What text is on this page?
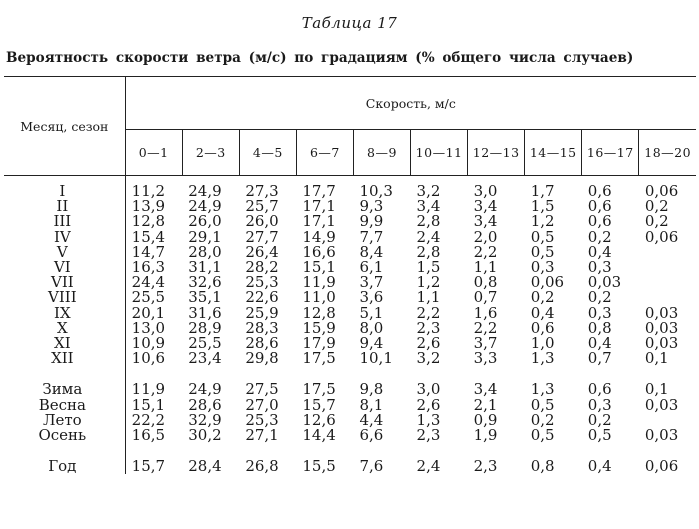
Таблица 17
Вероятность скорости ветра (м/с) по градациям (% общего числа случаев)
Месяц, сезон	Скорость, м/с									
	0—1	2—3	4—5	6—7	8—9	10—11	12—13	14—15	16—17	18—20

I	11,2	24,9	27,3	17,7	10,3	3,2	3,0	1,7	0,6	0,06
II	13,9	24,9	25,7	17,1	9,3	3,4	3,4	1,5	0,6	0,2
III	12,8	26,0	26,0	17,1	9,9	2,8	3,4	1,2	0,6	0,2
IV	15,4	29,1	27,7	14,9	7,7	2,4	2,0	0,5	0,2	0,06
V	14,7	28,0	26,4	16,6	8,4	2,8	2,2	0,5	0,4	
VI	16,3	31,1	28,2	15,1	6,1	1,5	1,1	0,3	0,3	
VII	24,4	32,6	25,3	11,9	3,7	1,2	0,8	0,06	0,03	
VIII	25,5	35,1	22,6	11,0	3,6	1,1	0,7	0,2	0,2	
IX	20,1	31,6	25,9	12,8	5,1	2,2	1,6	0,4	0,3	0,03
X	13,0	28,9	28,3	15,9	8,0	2,3	2,2	0,6	0,8	0,03
XI	10,9	25,5	28,6	17,9	9,4	2,6	3,7	1,0	0,4	0,03
XII	10,6	23,4	29,8	17,5	10,1	3,2	3,3	1,3	0,7	0,1

Зима	11,9	24,9	27,5	17,5	9,8	3,0	3,4	1,3	0,6	0,1
Весна	15,1	28,6	27,0	15,7	8,1	2,6	2,1	0,5	0,3	0,03
Лето	22,2	32,9	25,3	12,6	4,4	1,3	0,9	0,2	0,2	
Осень	16,5	30,2	27,1	14,4	6,6	2,3	1,9	0,5	0,5	0,03

Год	15,7	28,4	26,8	15,5	7,6	2,4	2,3	0,8	0,4	0,06
